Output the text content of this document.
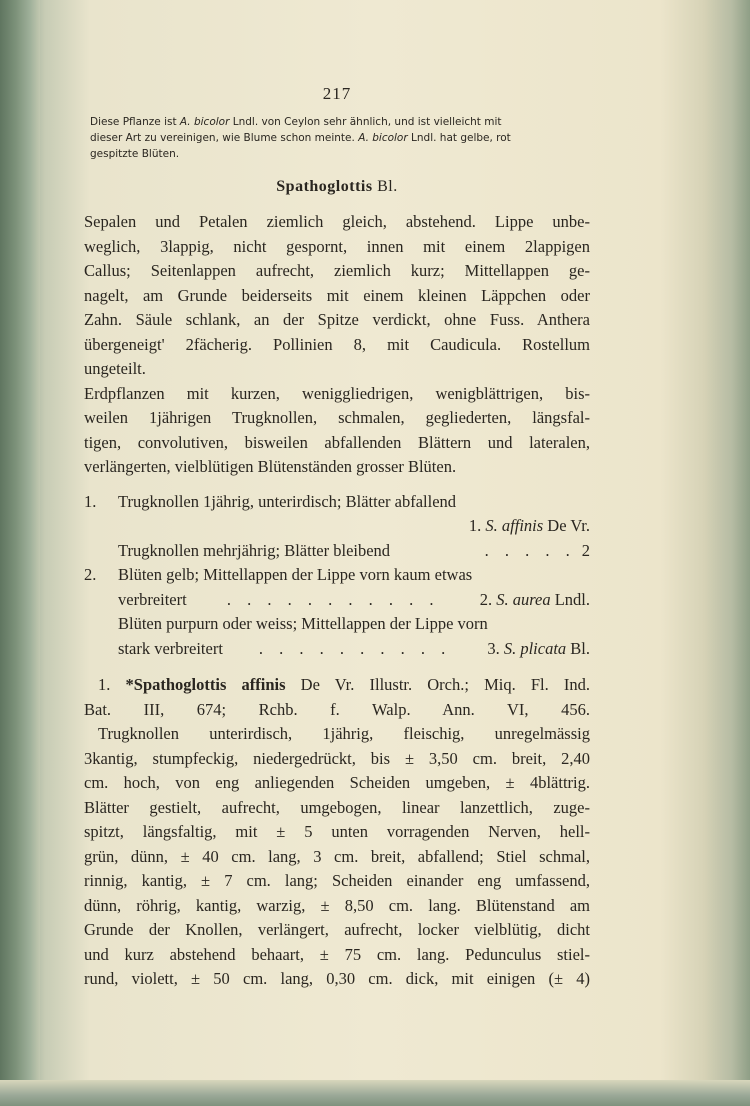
217
Diese Pflanze ist A. bicolor Lndl. von Ceylon sehr ähnlich, und ist vielleicht mit
dieser Art zu vereinigen, wie Blume schon meinte. A. bicolor Lndl. hat gelbe, rot
gespitzte Blüten.
Spathoglottis Bl.
Sepalen und Petalen ziemlich gleich, abstehend. Lippe unbe-
weglich, 3lappig, nicht gespornt, innen mit einem 2lappigen
Callus; Seitenlappen aufrecht, ziemlich kurz; Mittellappen ge-
nagelt, am Grunde beiderseits mit einem kleinen Läppchen oder
Zahn. Säule schlank, an der Spitze verdickt, ohne Fuss. Anthera
übergeneigt' 2fächerig. Pollinien 8, mit Caudicula. Rostellum
ungeteilt.
Erdpflanzen mit kurzen, weniggliedrigen, wenigblättrigen, bis-
weilen 1jährigen Trugknollen, schmalen, gegliederten, längsfal-
tigen, convolutiven, bisweilen abfallenden Blättern und lateralen,
verlängerten, vielblütigen Blütenständen grosser Blüten.
1.	Trugknollen 1jährig, unterirdisch; Blätter abfallend
1. S. affinis De Vr.
Trugknollen mehrjährig; Blätter bleibend	. . . . . 2
2.	Blüten gelb; Mittellappen der Lippe vorn kaum etwas
verbreitert	. . . . . . . . . . .	2. S. aurea Lndl.
Blüten purpurn oder weiss; Mittellappen der Lippe vorn
stark verbreitert	. . . . . . . . . .	3. S. plicata Bl.
1. *Spathoglottis affinis De Vr. Illustr. Orch.; Miq. Fl. Ind.
Bat. III, 674; Rchb. f. Walp. Ann. VI, 456.
Trugknollen unterirdisch, 1jährig, fleischig, unregelmässig
3kantig, stumpfeckig, niedergedrückt, bis ± 3,50 cm. breit, 2,40
cm. hoch, von eng anliegenden Scheiden umgeben, ± 4blättrig.
Blätter gestielt, aufrecht, umgebogen, linear lanzettlich, zuge-
spitzt, längsfaltig, mit ± 5 unten vorragenden Nerven, hell-
grün, dünn, ± 40 cm. lang, 3 cm. breit, abfallend; Stiel schmal,
rinnig, kantig, ± 7 cm. lang; Scheiden einander eng umfassend,
dünn, röhrig, kantig, warzig, ± 8,50 cm. lang. Blütenstand am
Grunde der Knollen, verlängert, aufrecht, locker vielblütig, dicht
und kurz abstehend behaart, ± 75 cm. lang. Pedunculus stiel-
rund, violett, ± 50 cm. lang, 0,30 cm. dick, mit einigen (± 4)
